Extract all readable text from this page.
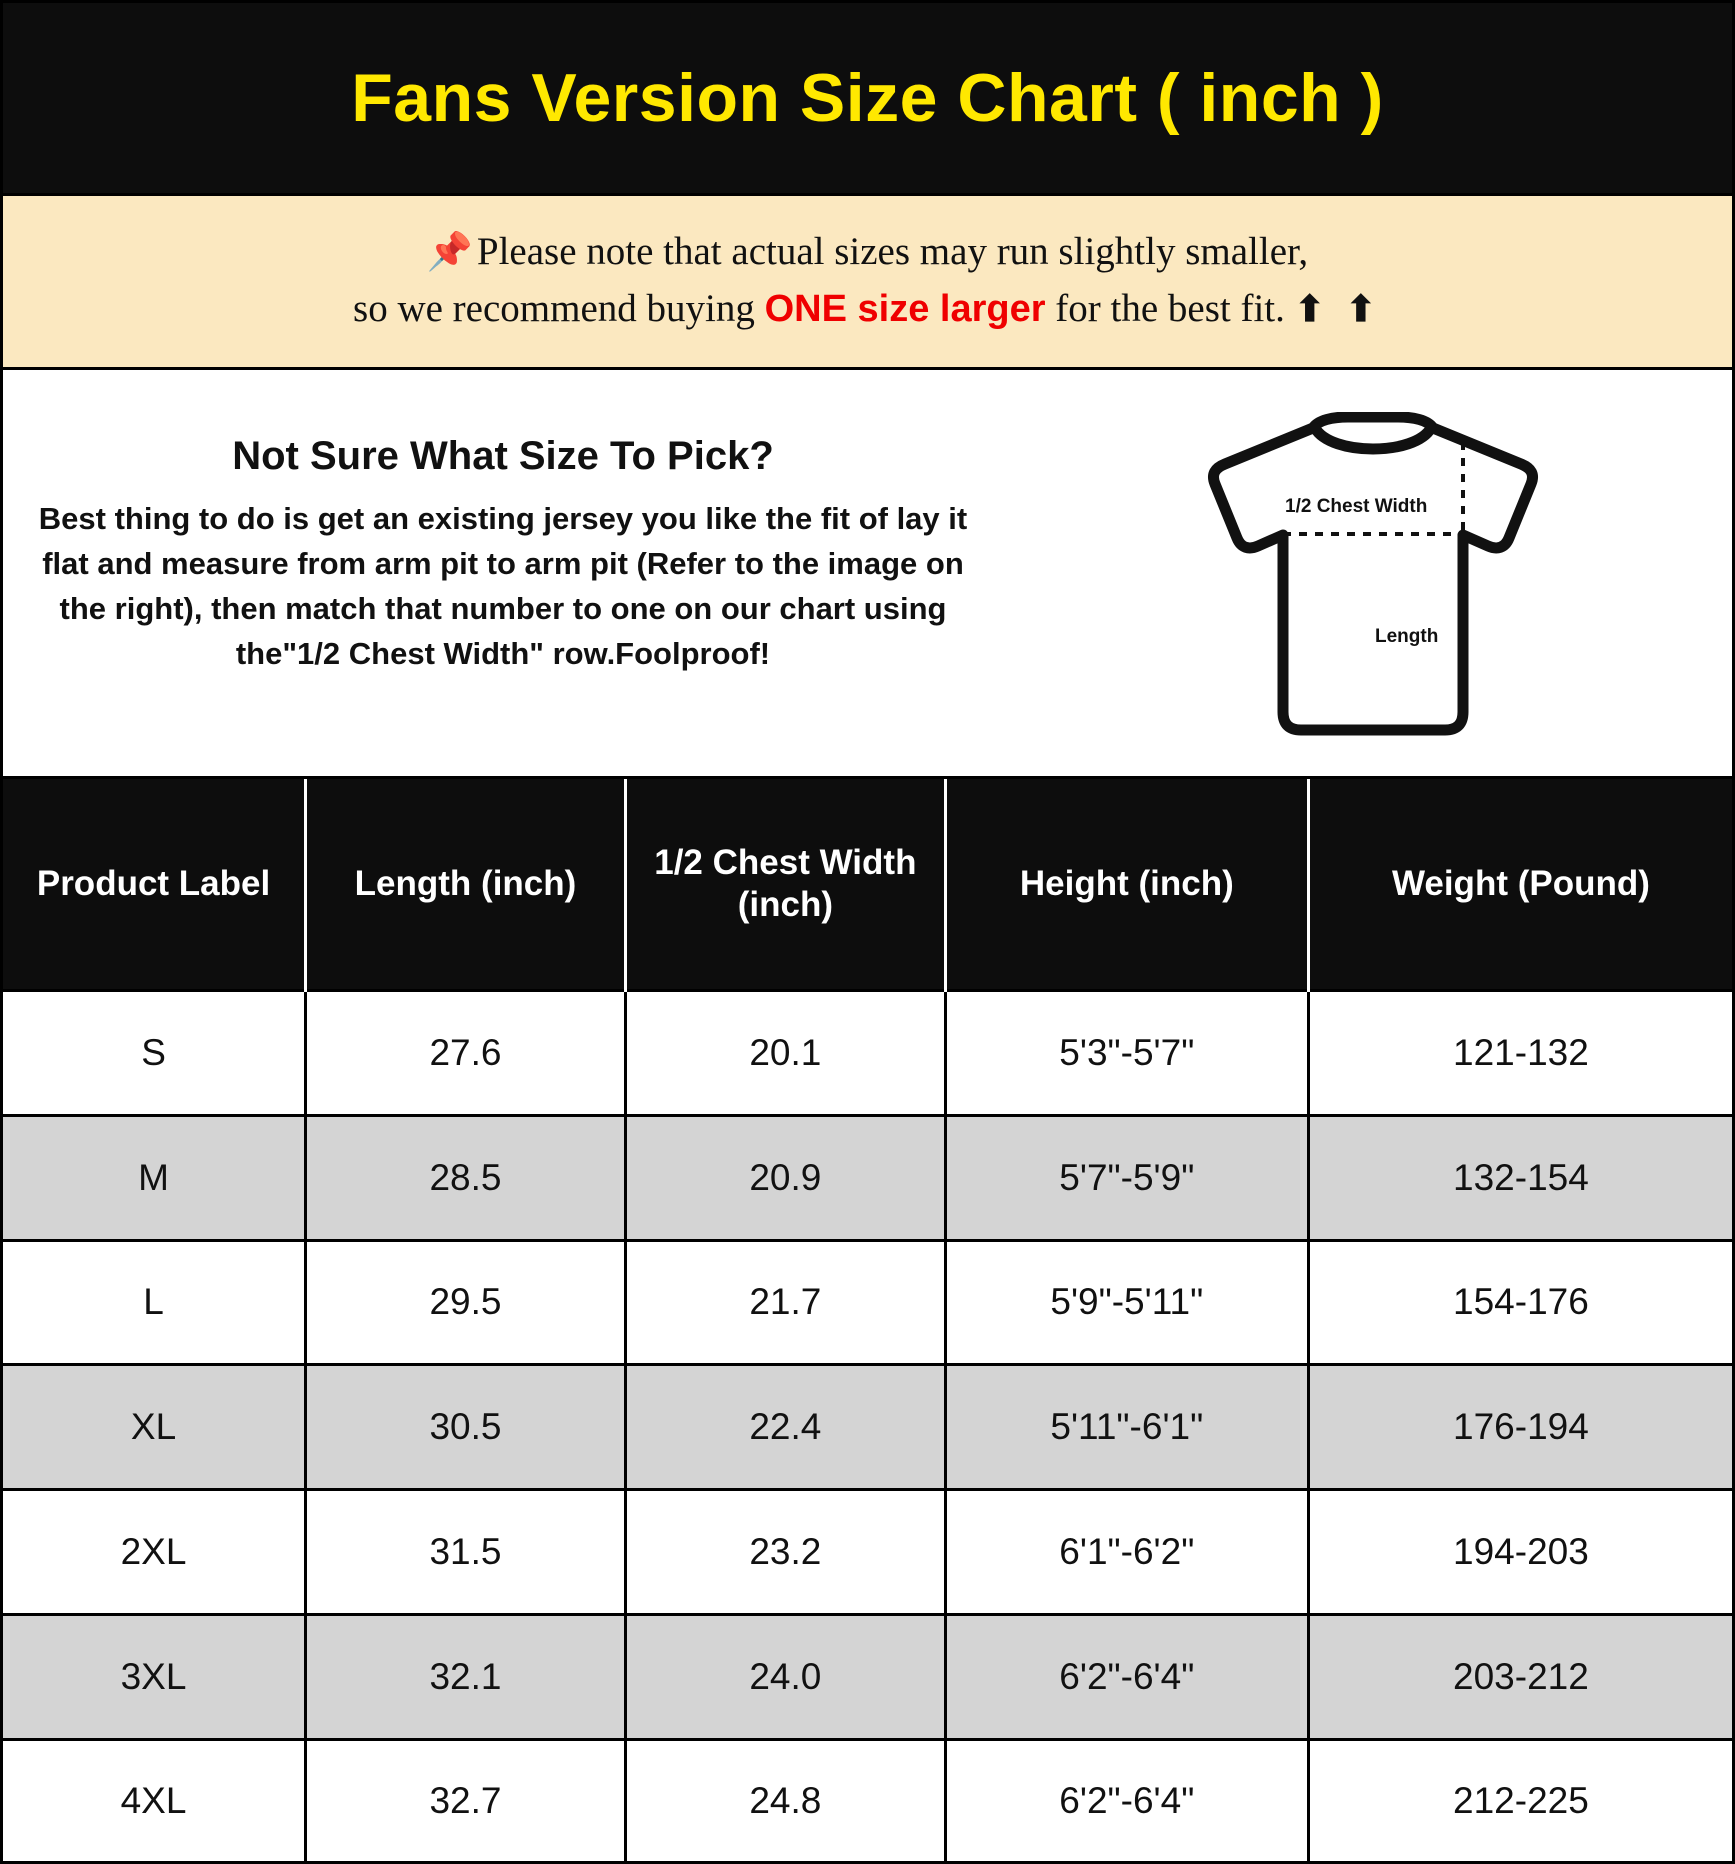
Fans Version Size Chart ( inch )
📌 Please note that actual sizes may run slightly smaller,
so we recommend buying ONE size larger for the best fit. ⬆ ⬆
Not Sure What Size To Pick?
Best thing to do is get an existing jersey you like the fit of lay it flat and measure from arm pit to arm pit (Refer to the image on the right), then match that number to one on our chart using the"1/2 Chest Width" row.Foolproof!
1/2 Chest Width
Length
Product Label	Length (inch)	1/2 Chest Width (inch)	Height (inch)	Weight (Pound)
S	27.6	20.1	5'3"-5'7"	121-132
M	28.5	20.9	5'7"-5'9"	132-154
L	29.5	21.7	5'9"-5'11"	154-176
XL	30.5	22.4	5'11"-6'1"	176-194
2XL	31.5	23.2	6'1"-6'2"	194-203
3XL	32.1	24.0	6'2"-6'4"	203-212
4XL	32.7	24.8	6'2"-6'4"	212-225
